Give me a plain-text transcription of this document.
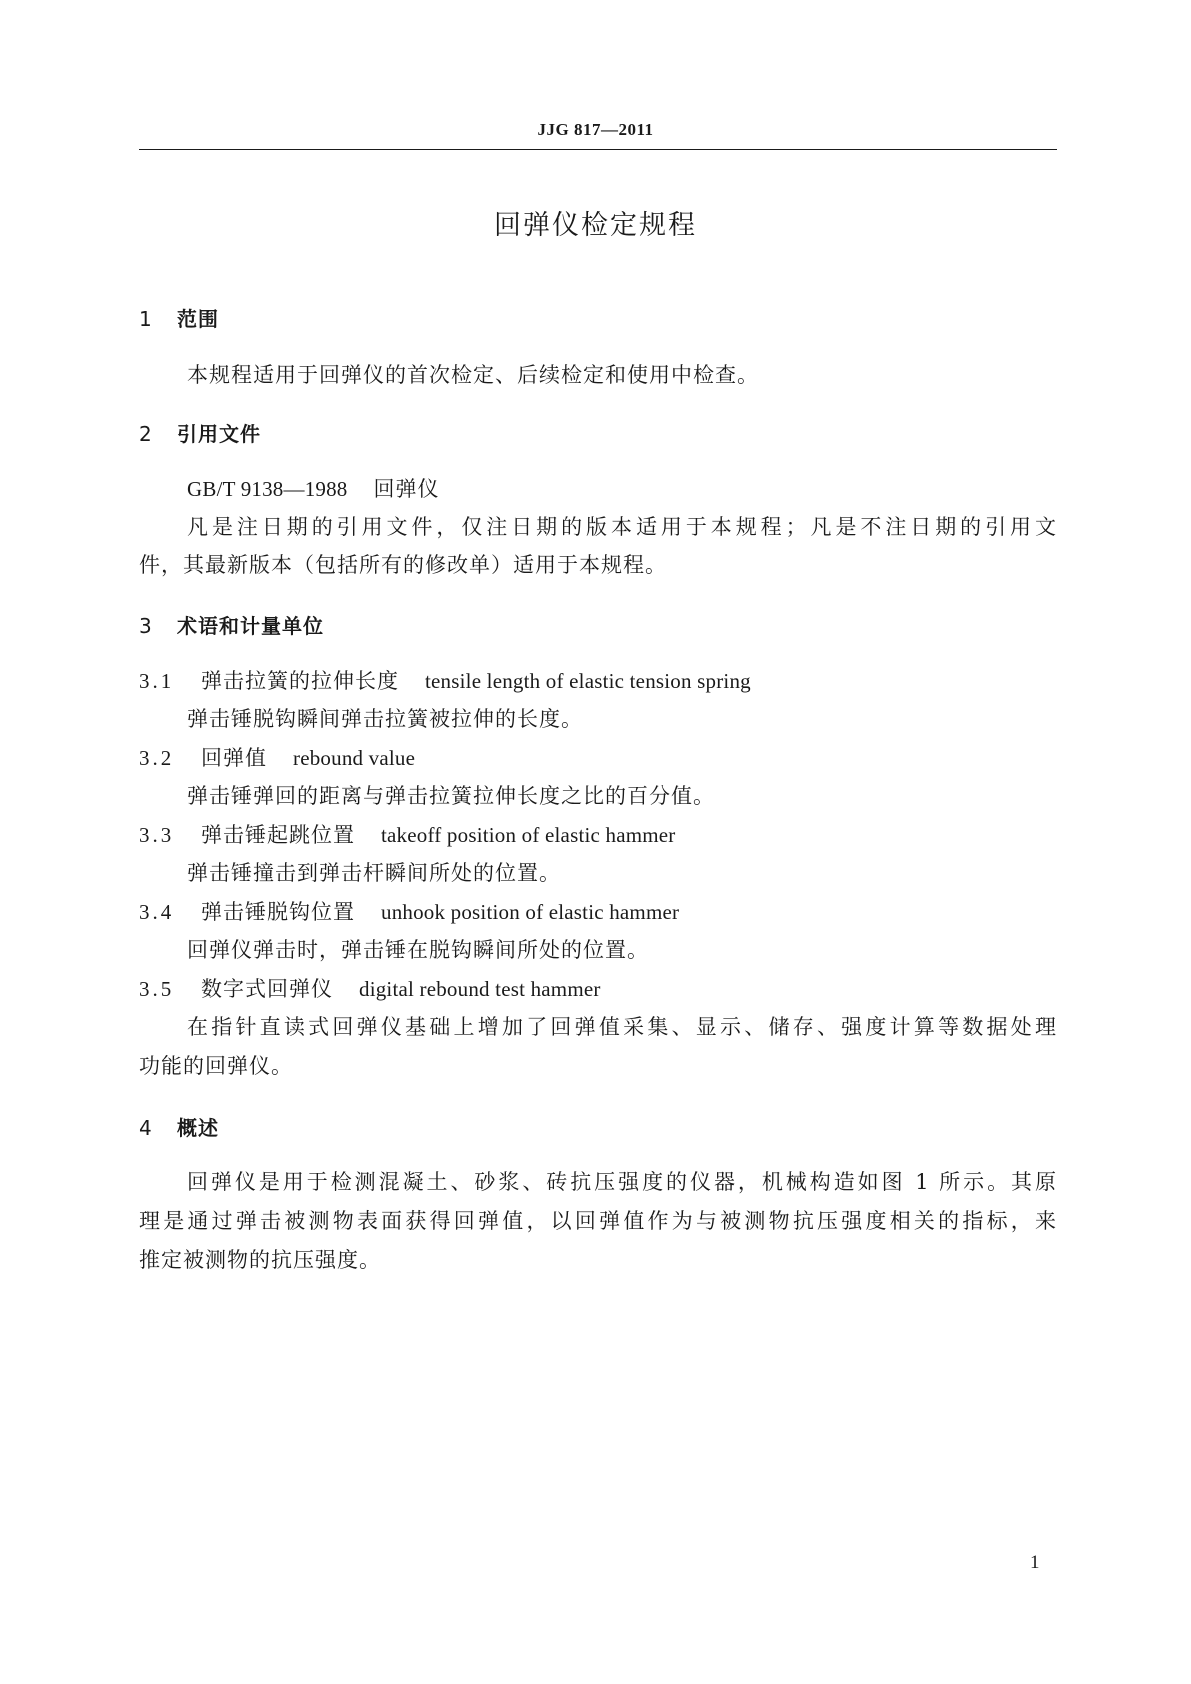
JJG 817—2011
回弹仪检定规程
1 范围
本规程适用于回弹仪的首次检定、后续检定和使用中检查。
2 引用文件
GB/T 9138—1988 回弹仪
凡是注日期的引用文件，仅注日期的版本适用于本规程；凡是不注日期的引用文
件，其最新版本（包括所有的修改单）适用于本规程。
3 术语和计量单位
3.1 弹击拉簧的拉伸长度 tensile length of elastic tension spring
弹击锤脱钩瞬间弹击拉簧被拉伸的长度。
3.2 回弹值 rebound value
弹击锤弹回的距离与弹击拉簧拉伸长度之比的百分值。
3.3 弹击锤起跳位置 takeoff position of elastic hammer
弹击锤撞击到弹击杆瞬间所处的位置。
3.4 弹击锤脱钩位置 unhook position of elastic hammer
回弹仪弹击时，弹击锤在脱钩瞬间所处的位置。
3.5 数字式回弹仪 digital rebound test hammer
在指针直读式回弹仪基础上增加了回弹值采集、显示、储存、强度计算等数据处理
功能的回弹仪。
4 概述
回弹仪是用于检测混凝土、砂浆、砖抗压强度的仪器，机械构造如图 1 所示。其原
理是通过弹击被测物表面获得回弹值，以回弹值作为与被测物抗压强度相关的指标，来
推定被测物的抗压强度。
1
